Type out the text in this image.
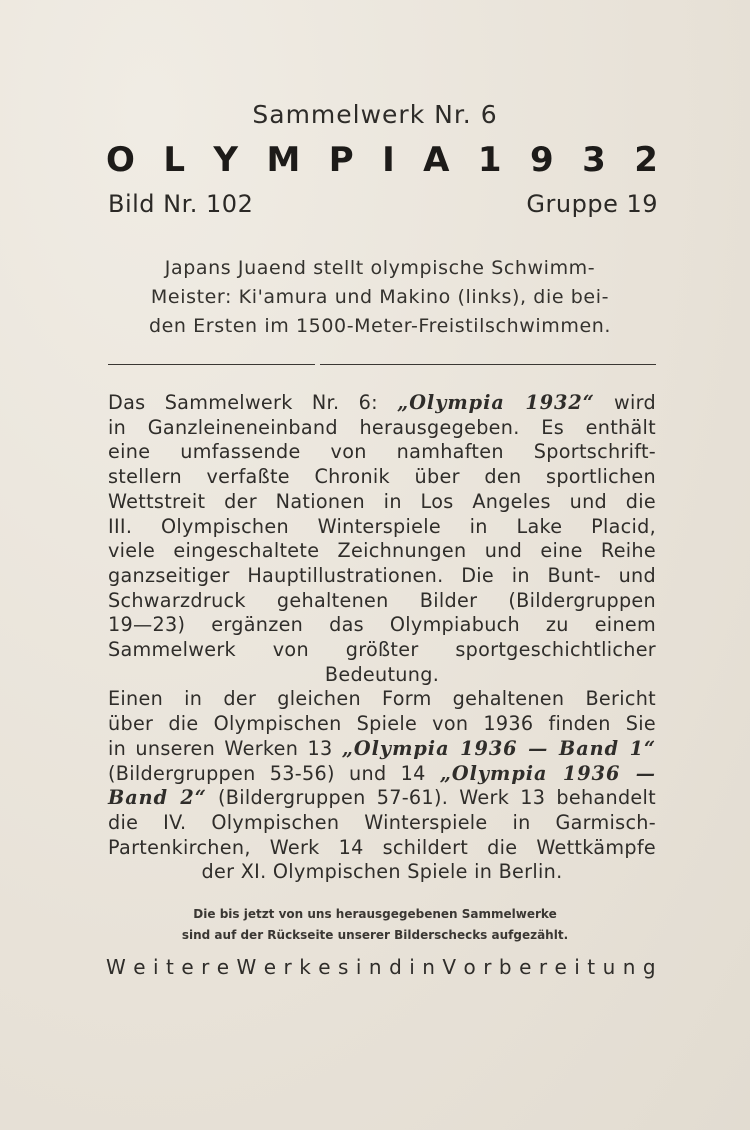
Sammelwerk Nr. 6
O L Y M P I A 1 9 3 2
Bild Nr. 102	Gruppe 19
Japans Juaend stellt olympische Schwimm-
Meister: Ki'amura und Makino (links), die bei-
den Ersten im 1500-Meter-Freistilschwimmen.
Das Sammelwerk Nr. 6: „Olympia 1932“ wird
in Ganzleineneinband herausgegeben. Es enthält
eine umfassende von namhaften Sportschrift-
stellern verfaßte Chronik über den sportlichen
Wettstreit der Nationen in Los Angeles und die
III. Olympischen Winterspiele in Lake Placid,
viele eingeschaltete Zeichnungen und eine Reihe
ganzseitiger Hauptillustrationen. Die in Bunt- und
Schwarzdruck gehaltenen Bilder (Bildergruppen
19—23) ergänzen das Olympiabuch zu einem
Sammelwerk von größter sportgeschichtlicher
Bedeutung.
Einen in der gleichen Form gehaltenen Bericht
über die Olympischen Spiele von 1936 finden Sie
in unseren Werken 13 „Olympia 1936 — Band 1“
(Bildergruppen 53-56) und 14 „Olympia 1936 —
Band 2“ (Bildergruppen 57-61). Werk 13 behandelt
die IV. Olympischen Winterspiele in Garmisch-
Partenkirchen, Werk 14 schildert die Wettkämpfe
der XI. Olympischen Spiele in Berlin.
Die bis jetzt von uns herausgegebenen Sammelwerke
sind auf der Rückseite unserer Bilderschecks aufgezählt.
W e i t e r e W e r k e s i n d i n V o r b e r e i t u n g
